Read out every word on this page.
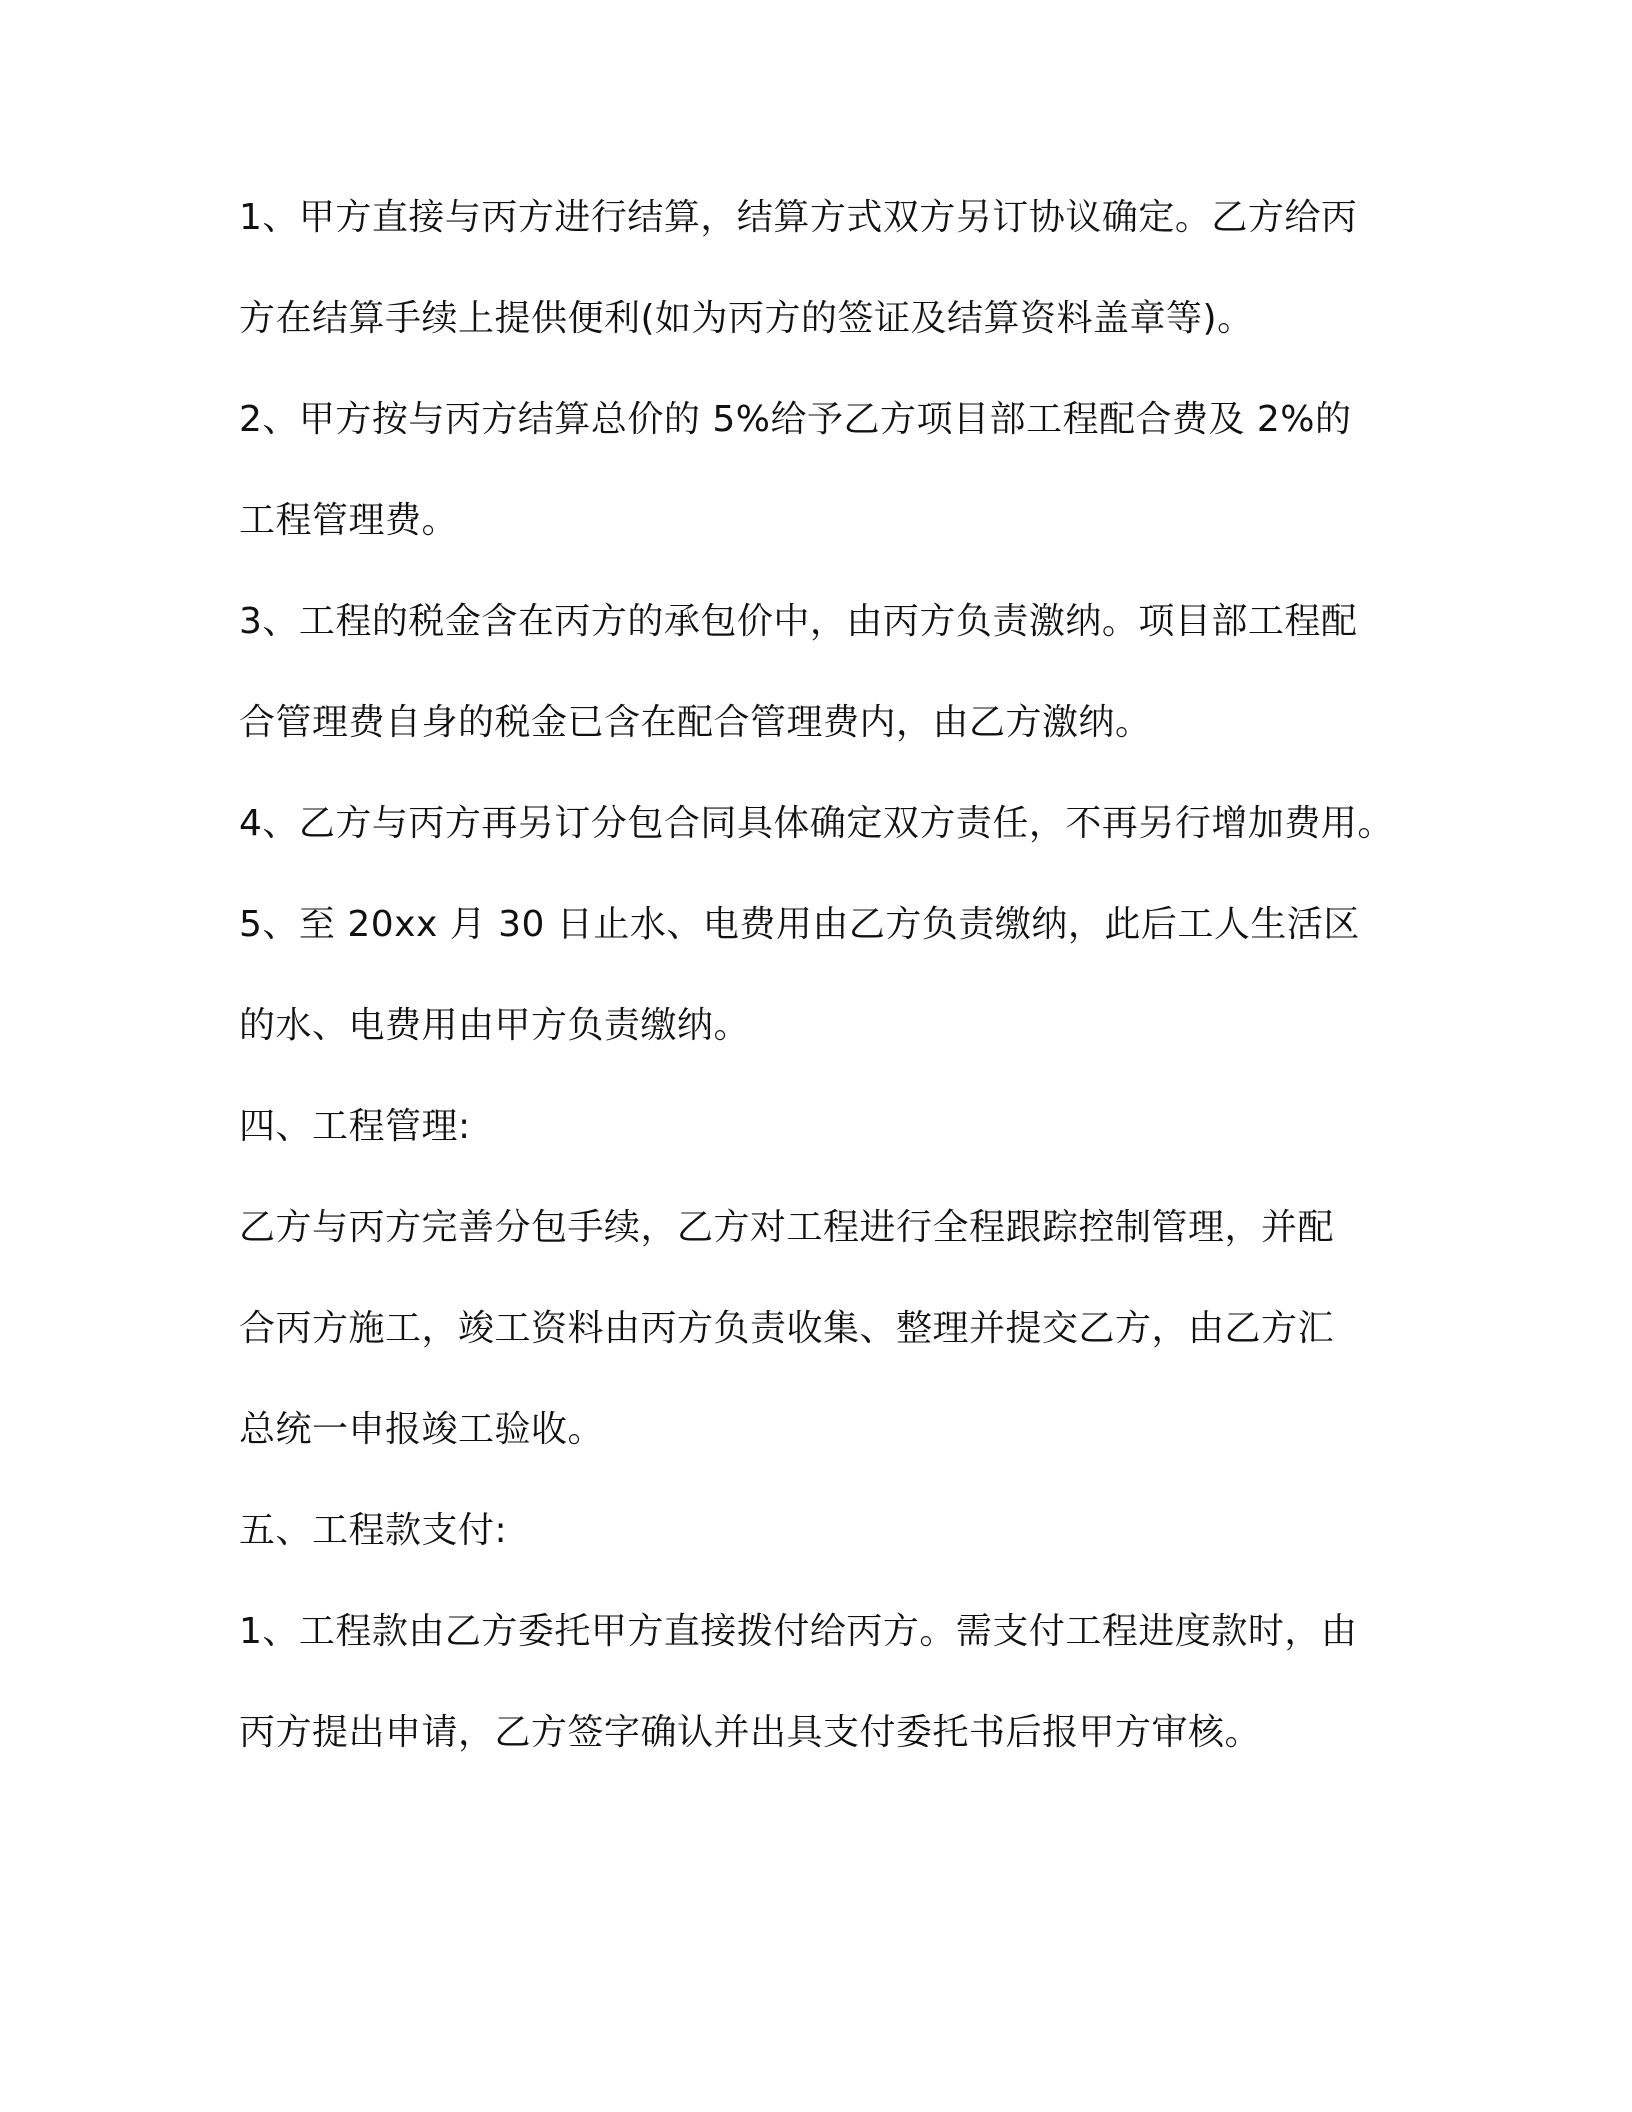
1、甲方直接与丙方进行结算，结算方式双方另订协议确定。乙方给丙
方在结算手续上提供便利(如为丙方的签证及结算资料盖章等)。
2、甲方按与丙方结算总价的 5%给予乙方项目部工程配合费及 2%的
工程管理费。
3、工程的税金含在丙方的承包价中，由丙方负责激纳。项目部工程配
合管理费自身的税金已含在配合管理费内，由乙方激纳。
4、乙方与丙方再另订分包合同具体确定双方责任，不再另行增加费用。
5、至 20xx 月 30 日止水、电费用由乙方负责缴纳，此后工人生活区
的水、电费用由甲方负责缴纳。
四、工程管理:
乙方与丙方完善分包手续，乙方对工程进行全程跟踪控制管理，并配
合丙方施工，竣工资料由丙方负责收集、整理并提交乙方，由乙方汇
总统一申报竣工验收。
五、工程款支付:
1、工程款由乙方委托甲方直接拨付给丙方。需支付工程进度款时，由
丙方提出申请，乙方签字确认并出具支付委托书后报甲方审核。
